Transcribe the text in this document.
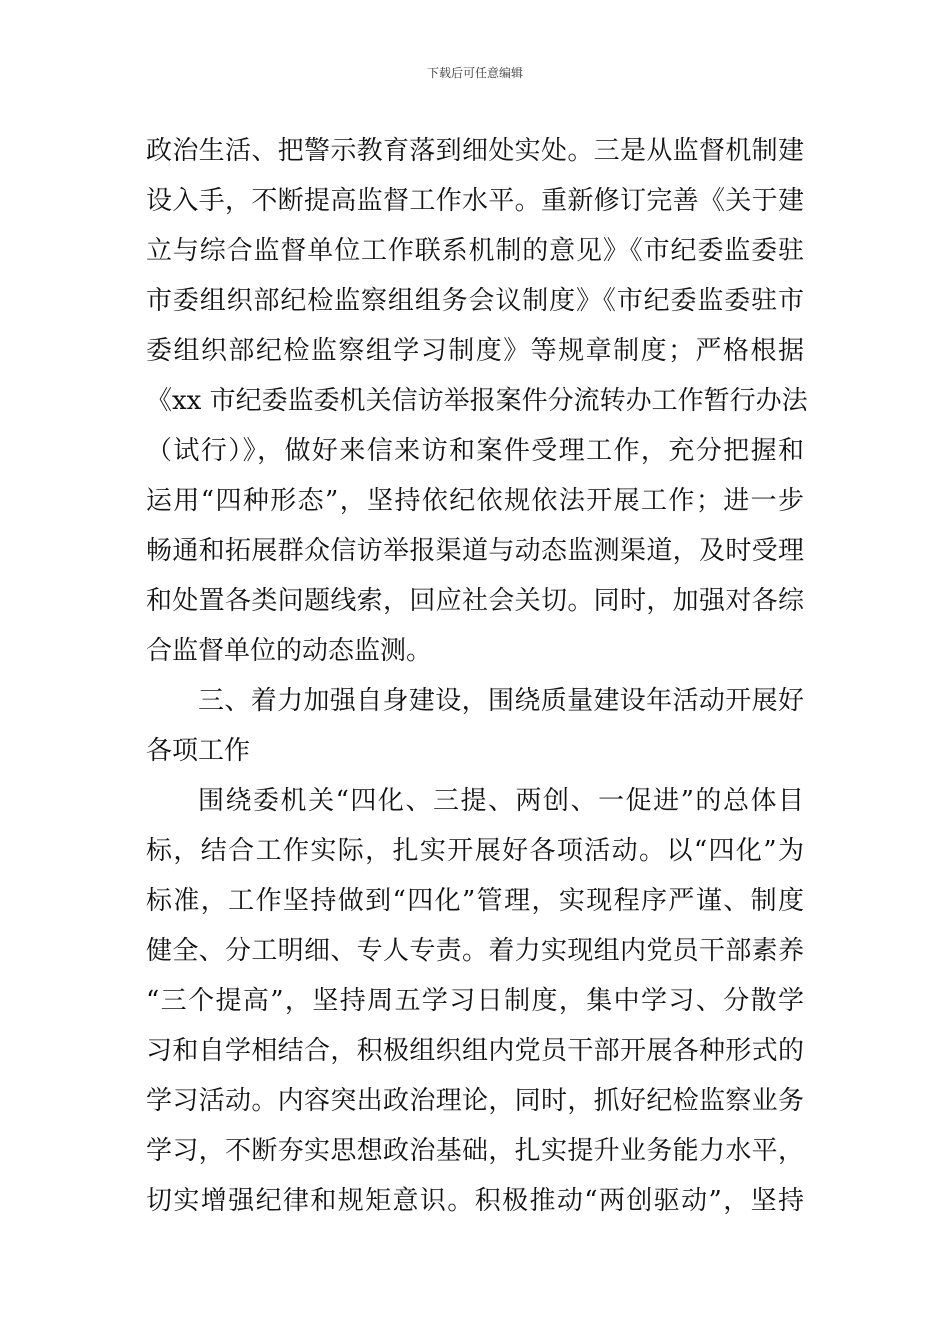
下载后可任意编辑
政治生活、把警示教育落到细处实处。三是从监督机制建
设入手，不断提高监督工作水平。重新修订完善《关于建
立与综合监督单位工作联系机制的意见》《市纪委监委驻
市委组织部纪检监察组组务会议制度》《市纪委监委驻市
委组织部纪检监察组学习制度》等规章制度；严格根据
《xx 市纪委监委机关信访举报案件分流转办工作暂行办法
（试行）》，做好来信来访和案件受理工作，充分把握和
运用“四种形态”，坚持依纪依规依法开展工作；进一步
畅通和拓展群众信访举报渠道与动态监测渠道，及时受理
和处置各类问题线索，回应社会关切。同时，加强对各综
合监督单位的动态监测。
三、着力加强自身建设，围绕质量建设年活动开展好
各项工作
围绕委机关“四化、三提、两创、一促进”的总体目
标，结合工作实际，扎实开展好各项活动。以“四化”为
标准，工作坚持做到“四化”管理，实现程序严谨、制度
健全、分工明细、专人专责。着力实现组内党员干部素养
“三个提高”，坚持周五学习日制度，集中学习、分散学
习和自学相结合，积极组织组内党员干部开展各种形式的
学习活动。内容突出政治理论，同时，抓好纪检监察业务
学习，不断夯实思想政治基础，扎实提升业务能力水平，
切实增强纪律和规矩意识。积极推动“两创驱动”，坚持
